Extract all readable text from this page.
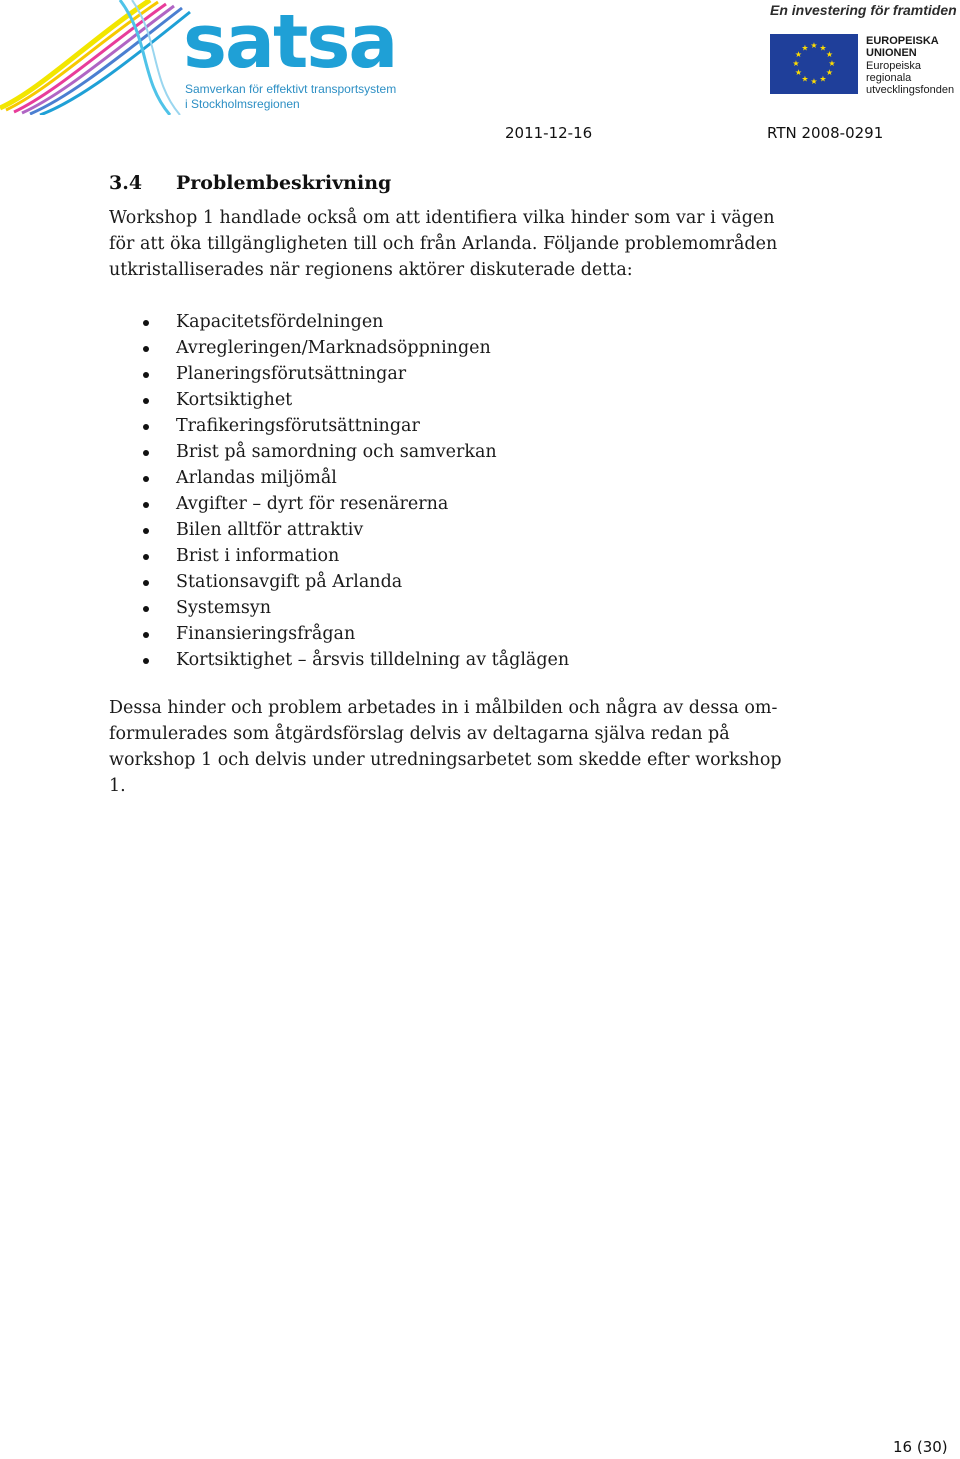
satsa
Samverkan för effektivt transportsystem
i Stockholmsregionen
En investering för framtiden
★ ★
★
★
★
★
★
★
★
★
★
★
EUROPEISKA
UNIONEN
Europeiska
regionala
utvecklingsfonden
2011-12-16	RTN 2008-0291
3.4 Problembeskrivning
Workshop 1 handlade också om att identifiera vilka hinder som var i vägen
för att öka tillgängligheten till och från Arlanda. Följande problemområden
utkristalliserades när regionens aktörer diskuterade detta:
Kapacitetsfördelningen
Avregleringen/Marknadsöppningen
Planeringsförutsättningar
Kortsiktighet
Trafikeringsförutsättningar
Brist på samordning och samverkan
Arlandas miljömål
Avgifter – dyrt för resenärerna
Bilen alltför attraktiv
Brist i information
Stationsavgift på Arlanda
Systemsyn
Finansieringsfrågan
Kortsiktighet – årsvis tilldelning av tåglägen
Dessa hinder och problem arbetades in i målbilden och några av dessa om-
formulerades som åtgärdsförslag delvis av deltagarna själva redan på
workshop 1 och delvis under utredningsarbetet som skedde efter workshop
1.
16 (30)
